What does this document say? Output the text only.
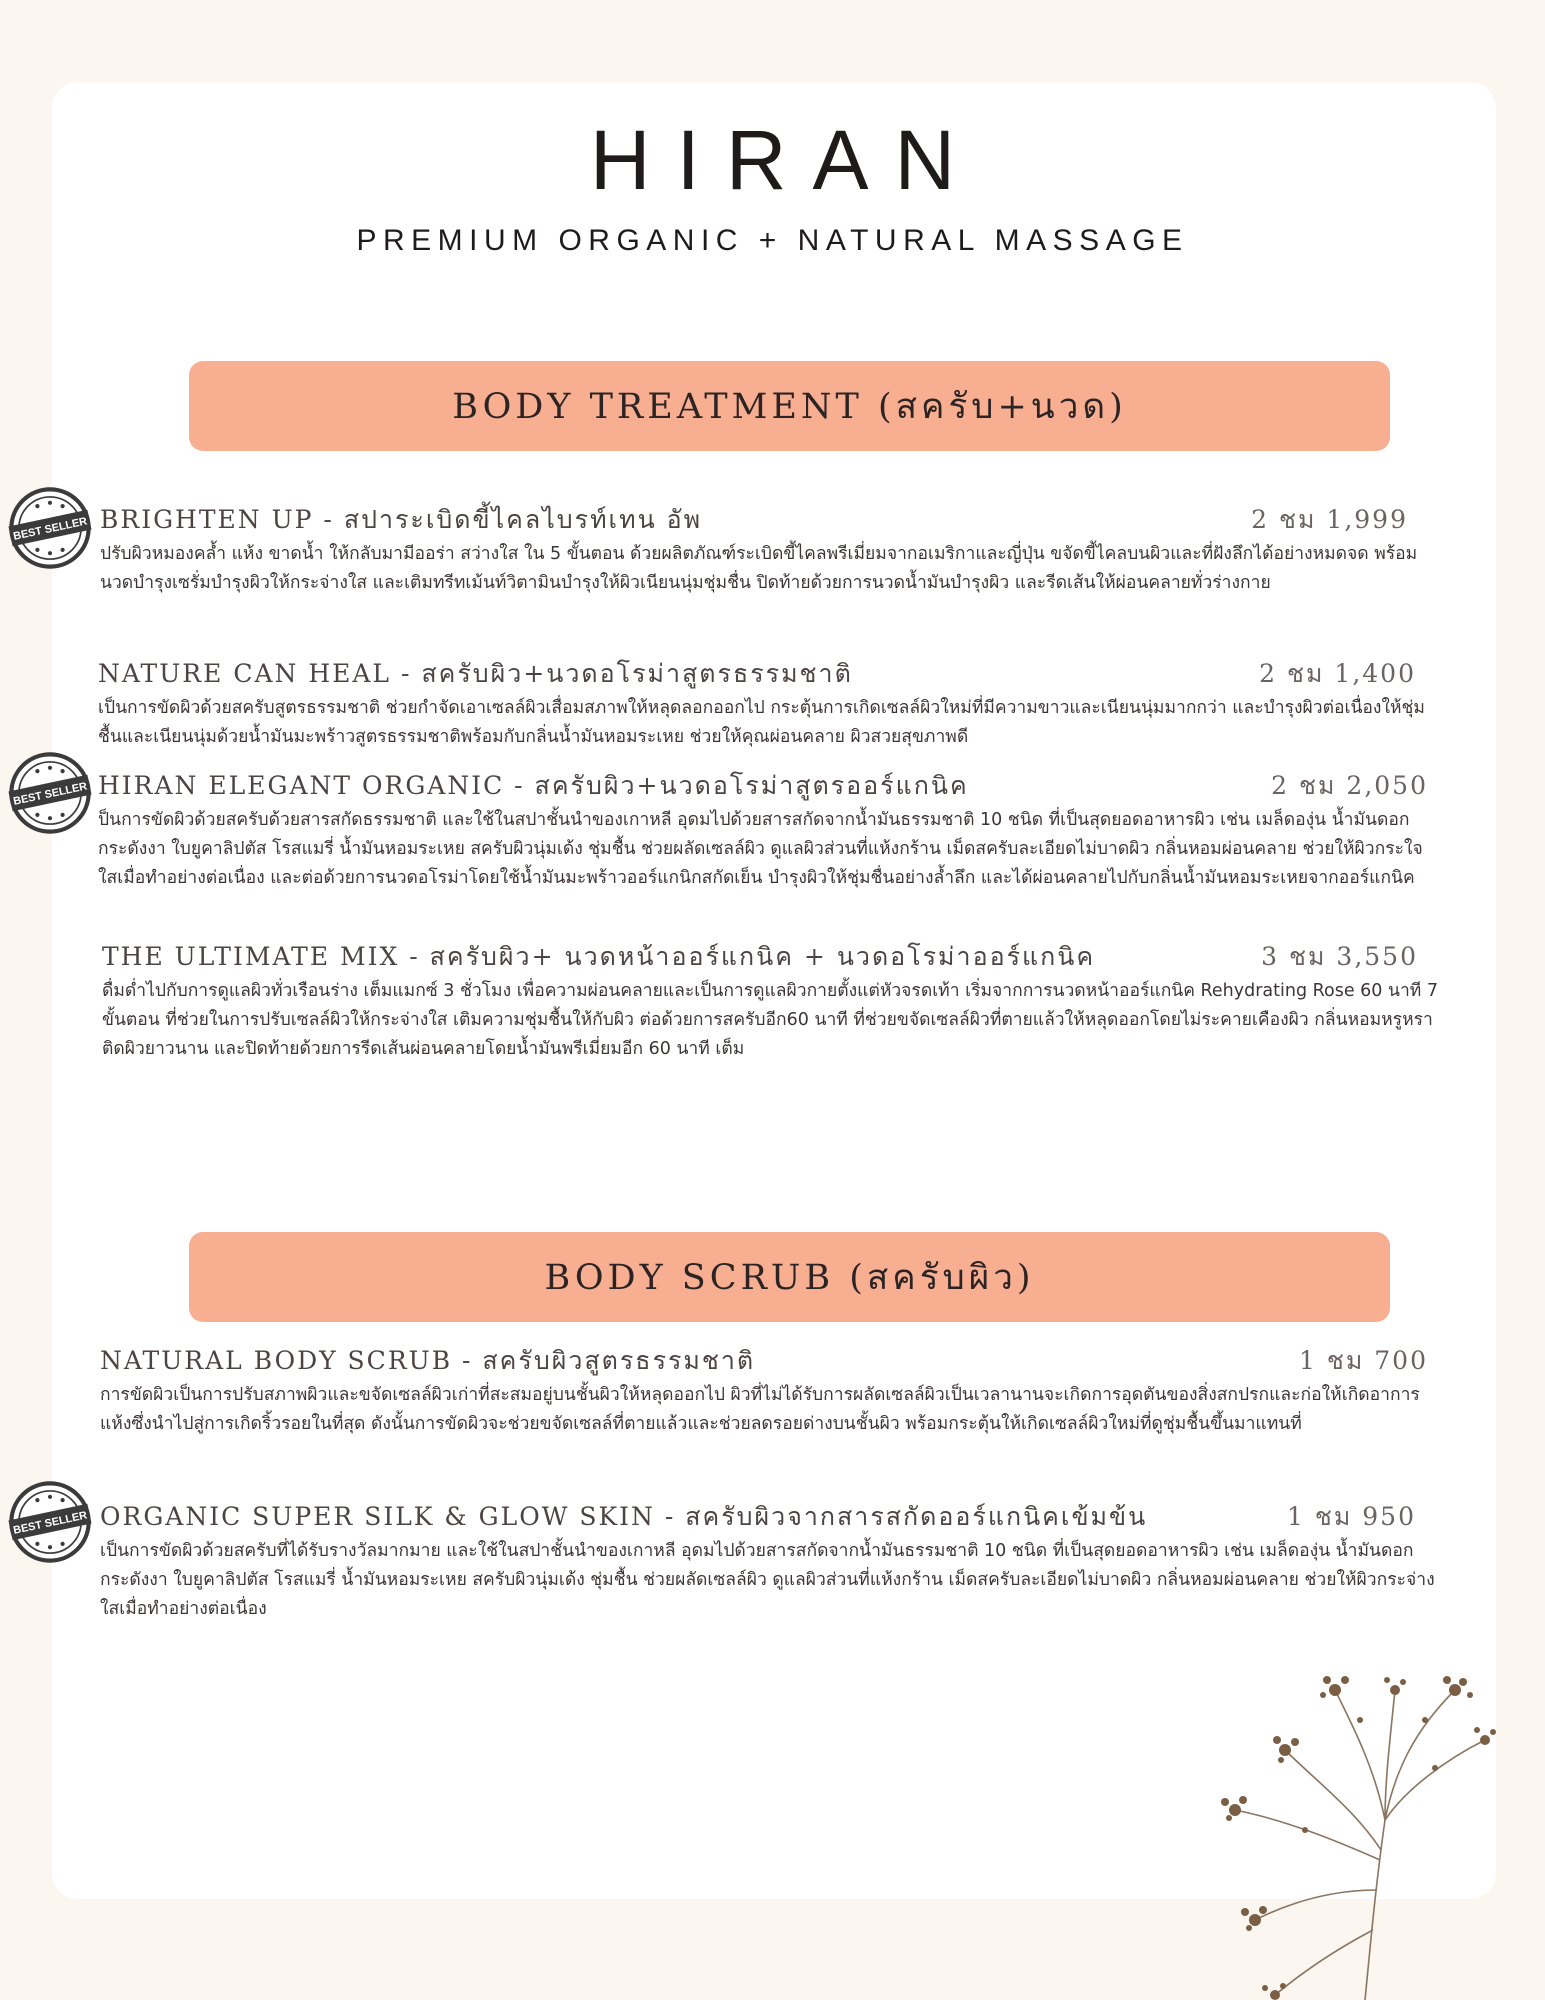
HIRAN
PREMIUM ORGANIC + NATURAL MASSAGE
BODY TREATMENT (สครับ+นวด)
BRIGHTEN UP - สปาระเบิดขี้ไคลไบรท์เทน อัพ	2 ชม 1,999
ปรับผิวหมองคล้ำ แห้ง ขาดน้ำ ให้กลับมามีออร่า สว่างใส ใน 5 ขั้นตอน ด้วยผลิตภัณฑ์ระเบิดขี้ไคลพรีเมี่ยมจากอเมริกาและญี่ปุ่น ขจัดขี้ไคลบนผิวและที่ฝังลึกได้อย่างหมดจด พร้อมนวดบำรุงเซรั่มบำรุงผิวให้กระจ่างใส และเติมทรีทเม้นท์วิตามินบำรุงให้ผิวเนียนนุ่มชุ่มชื่น ปิดท้ายด้วยการนวดน้ำมันบำรุงผิว และรีดเส้นให้ผ่อนคลายทั่วร่างกาย
NATURE CAN HEAL - สครับผิว+นวดอโรม่าสูตรธรรมชาติ	2 ชม 1,400
เป็นการขัดผิวด้วยสครับสูตรธรรมชาติ ช่วยกำจัดเอาเซลล์ผิวเสื่อมสภาพให้หลุดลอกออกไป กระตุ้นการเกิดเซลล์ผิวใหม่ที่มีความขาวและเนียนนุ่มมากกว่า และบำรุงผิวต่อเนื่องให้ชุ่มชื้นและเนียนนุ่มด้วยน้ำมันมะพร้าวสูตรธรรมชาติพร้อมกับกลิ่นน้ำมันหอมระเหย ช่วยให้คุณผ่อนคลาย ผิวสวยสุขภาพดี
HIRAN ELEGANT ORGANIC - สครับผิว+นวดอโรม่าสูตรออร์แกนิค	2 ชม 2,050
ป็นการขัดผิวด้วยสครับด้วยสารสกัดธรรมชาติ และใช้ในสปาชั้นนำของเกาหลี อุดมไปด้วยสารสกัดจากน้ำมันธรรมชาติ 10 ชนิด ที่เป็นสุดยอดอาหารผิว เช่น เมล็ดองุ่น น้ำมันดอกกระดังงา ใบยูคาลิปตัส โรสแมรี่ น้ำมันหอมระเหย สครับผิวนุ่มเด้ง ชุ่มชื้น ช่วยผลัดเซลล์ผิว ดูแลผิวส่วนที่แห้งกร้าน เม็ดสครับละเอียดไม่บาดผิว กลิ่นหอมผ่อนคลาย ช่วยให้ผิวกระใจใสเมื่อทำอย่างต่อเนื่อง และต่อด้วยการนวดอโรม่าโดยใช้น้ำมันมะพร้าวออร์แกนิกสกัดเย็น บำรุงผิวให้ชุ่มชื่นอย่างล้ำลึก และได้ผ่อนคลายไปกับกลิ่นน้ำมันหอมระเหยจากออร์แกนิค
THE ULTIMATE MIX - สครับผิว+ นวดหน้าออร์แกนิค + นวดอโรม่าออร์แกนิค	3 ชม 3,550
ดื่มด่ำไปกับการดูแลผิวทั่วเรือนร่าง เต็มแมกซ์ 3 ชั่วโมง เพื่อความผ่อนคลายและเป็นการดูแลผิวกายตั้งแต่หัวจรดเท้า เริ่มจากการนวดหน้าออร์แกนิค Rehydrating Rose 60 นาที 7 ขั้นตอน ที่ช่วยในการปรับเซลล์ผิวให้กระจ่างใส เติมความชุ่มชื้นให้กับผิว ต่อด้วยการสครับอีก60 นาที ที่ช่วยขจัดเซลล์ผิวที่ตายแล้วให้หลุดออกโดยไม่ระคายเคืองผิว กลิ่นหอมหรูหรา ติดผิวยาวนาน และปิดท้ายด้วยการรีดเส้นผ่อนคลายโดยน้ำมันพรีเมี่ยมอีก 60 นาที เต็ม
BODY SCRUB (สครับผิว)
NATURAL BODY SCRUB - สครับผิวสูตรธรรมชาติ	1 ชม 700
การขัดผิวเป็นการปรับสภาพผิวและขจัดเซลล์ผิวเก่าที่สะสมอยู่บนชั้นผิวให้หลุดออกไป ผิวที่ไม่ได้รับการผลัดเซลล์ผิวเป็นเวลานานจะเกิดการอุดตันของสิ่งสกปรกและก่อให้เกิดอาการแห้งซึ่งนำไปสู่การเกิดริ้วรอยในที่สุด ดังนั้นการขัดผิวจะช่วยขจัดเซลล์ที่ตายแล้วและช่วยลดรอยด่างบนชั้นผิว พร้อมกระตุ้นให้เกิดเซลล์ผิวใหม่ที่ดูชุ่มชื้นขึ้นมาแทนที่
ORGANIC SUPER SILK & GLOW SKIN - สครับผิวจากสารสกัดออร์แกนิคเข้มข้น	1 ชม 950
เป็นการขัดผิวด้วยสครับที่ได้รับรางวัลมากมาย และใช้ในสปาชั้นนำของเกาหลี อุดมไปด้วยสารสกัดจากน้ำมันธรรมชาติ 10 ชนิด ที่เป็นสุดยอดอาหารผิว เช่น เมล็ดองุ่น น้ำมันดอกกระดังงา ใบยูคาลิปตัส โรสแมรี่ น้ำมันหอมระเหย สครับผิวนุ่มเด้ง ชุ่มชื้น ช่วยผลัดเซลล์ผิว ดูแลผิวส่วนที่แห้งกร้าน เม็ดสครับละเอียดไม่บาดผิว กลิ่นหอมผ่อนคลาย ช่วยให้ผิวกระจ่างใสเมื่อทำอย่างต่อเนื่อง
BEST SELLER
BEST SELLER
BEST SELLER
